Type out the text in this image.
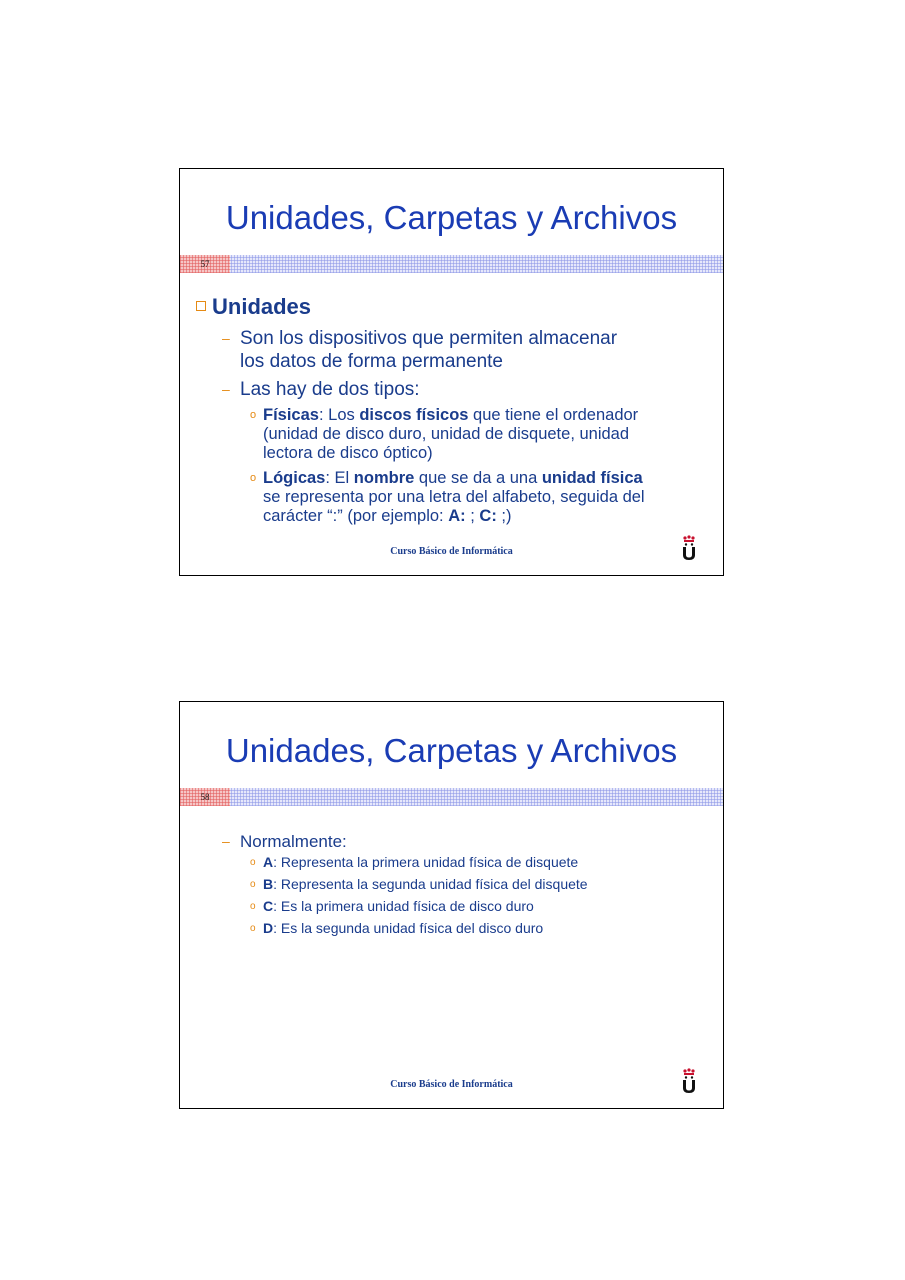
Unidades, Carpetas y Archivos
57
Unidades
– Son los dispositivos que permiten almacenar
los datos de forma permanente
– Las hay de dos tipos:
o Físicas: Los discos físicos que tiene el ordenador
(unidad de disco duro, unidad de disquete, unidad
lectora de disco óptico)
o Lógicas: El nombre que se da a una unidad física
se representa por una letra del alfabeto, seguida del
carácter “:” (por ejemplo: A: ; C: ;)
Curso Básico de Informática
Unidades, Carpetas y Archivos
58
– Normalmente:
o A: Representa la primera unidad física de disquete
o B: Representa la segunda unidad física del disquete
o C: Es la primera unidad física de disco duro
o D: Es la segunda unidad física del disco duro
Curso Básico de Informática
